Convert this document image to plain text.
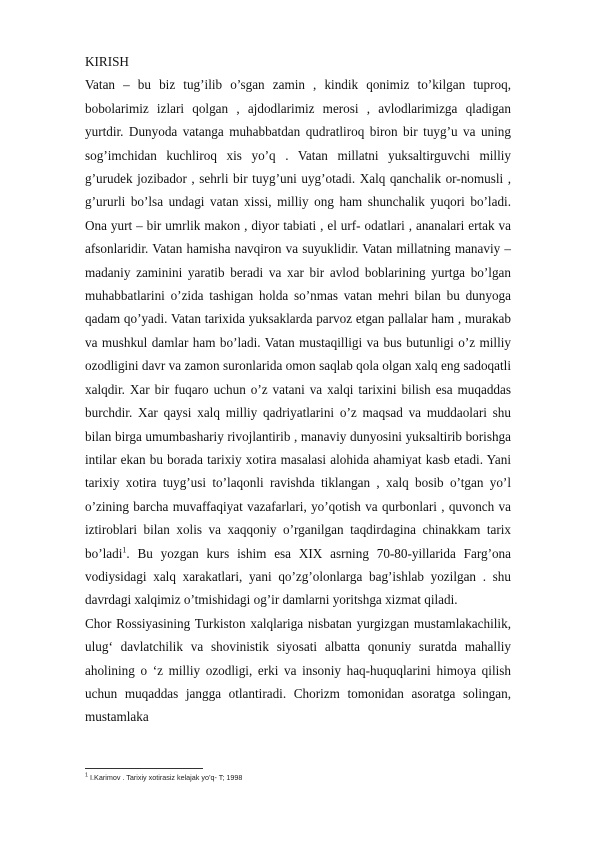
KIRISH

Vatan – bu biz tug’ilib o’sgan zamin , kindik qonimiz to’kilgan tuproq, bobolarimiz izlari qolgan , ajdodlarimiz merosi , avlodlarimizga qladigan yurtdir. Dunyoda vatanga muhabbatdan qudratliroq biron bir tuyg’u va uning sog’imchidan kuchliroq xis yo’q . Vatan millatni yuksaltirguvchi milliy g’urudek jozibador , sehrli bir tuyg’uni uyg’otadi. Xalq qanchalik or-nomusli , g’ururli bo’lsa undagi vatan xissi, milliy ong ham shunchalik yuqori bo’ladi. Ona yurt – bir umrlik makon , diyor tabiati , el urf- odatlari , ananalari ertak va afsonlaridir. Vatan hamisha navqiron va suyuklidir. Vatan millatning manaviy –madaniy zaminini yaratib beradi va xar bir avlod boblarining yurtga bo’lgan muhabbatlarini o’zida tashigan holda so’nmas vatan mehri bilan bu dunyoga qadam qo’yadi. Vatan tarixida yuksaklarda parvoz etgan pallalar ham , murakab va mushkul damlar ham bo’ladi. Vatan mustaqilligi va bus butunligi o’z milliy ozodligini davr va zamon suronlarida omon saqlab qola olgan xalq eng sadoqatli xalqdir. Xar bir fuqaro uchun o’z vatani va xalqi tarixini bilish esa muqaddas burchdir. Xar qaysi xalq milliy qadriyatlarini o’z maqsad va muddaolari shu bilan birga umumbashariy rivojlantirib , manaviy dunyosini yuksaltirib borishga intilar ekan bu borada tarixiy xotira masalasi alohida ahamiyat kasb etadi. Yani tarixiy xotira tuyg’usi to’laqonli ravishda tiklangan , xalq bosib o’tgan yo’l o’zining barcha muvaffaqiyat vazafarlari, yo’qotish va qurbonlari , quvonch va iztiroblari bilan xolis va xaqqoniy o’rganilgan taqdirdagina chinakkam tarix bo’ladi$^1$. Bu yozgan kurs ishim esa XIX asrning 70-80-yillarida Farg’ona vodiysidagi xalq xarakatlari, yani qo’zg’olonlarga bag’ishlab yozilgan . shu davrdagi xalqimiz o’tmishidagi og’ir damlarni yoritshga xizmat qiladi.

Chor Rossiyasining Turkiston xalqlariga nisbatan yurgizgan mustamlakachilik, ulug‘ davlatchilik va shovinistik siyosati albatta qonuniy suratda mahalliy aholining o ‘z milliy ozodligi, erki va insoniy haq-huquqlarini himoya qilish uchun muqaddas jangga otlantiradi. Chorizm tomonidan asoratga solingan, mustamlaka

$^1$ I.Karimov . Tarixiy xotirasiz kelajak yo’q- T; 1998
